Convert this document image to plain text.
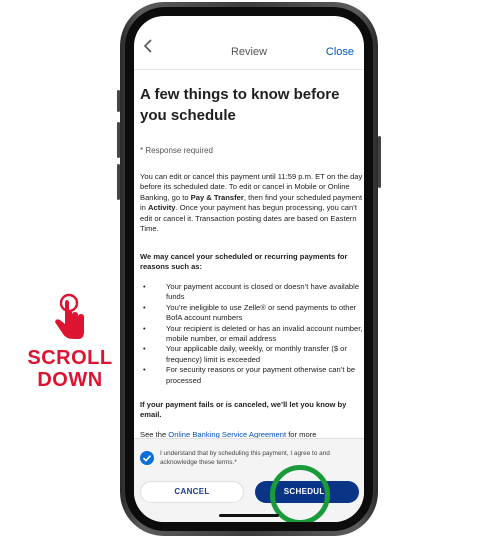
SCROLL
DOWN
Review	Close
A few things to know before you schedule
* Response required
You can edit or cancel this payment until 11:59 p.m. ET on the day before its scheduled date. To edit or cancel in Mobile or Online Banking, go to Pay & Transfer, then find your scheduled payment in Activity. Once your payment has begun processing, you can’t edit or cancel it. Transaction posting dates are based on Eastern Time.
We may cancel your scheduled or recurring payments for reasons such as:
•	Your payment account is closed or doesn’t have available funds
•	You’re ineligible to use Zelle® or send payments to other BofA account numbers
•	Your recipient is deleted or has an invalid account number, mobile number, or email address
•	Your applicable daily, weekly, or monthly transfer ($ or frequency) limit is exceeded
•	For security reasons or your payment otherwise can’t be processed
If your payment fails or is canceled, we’ll let you know by email.
See the Online Banking Service Agreement for more
I understand that by scheduling this payment, I agree to and acknowledge these terms.*
CANCEL	SCHEDULE
